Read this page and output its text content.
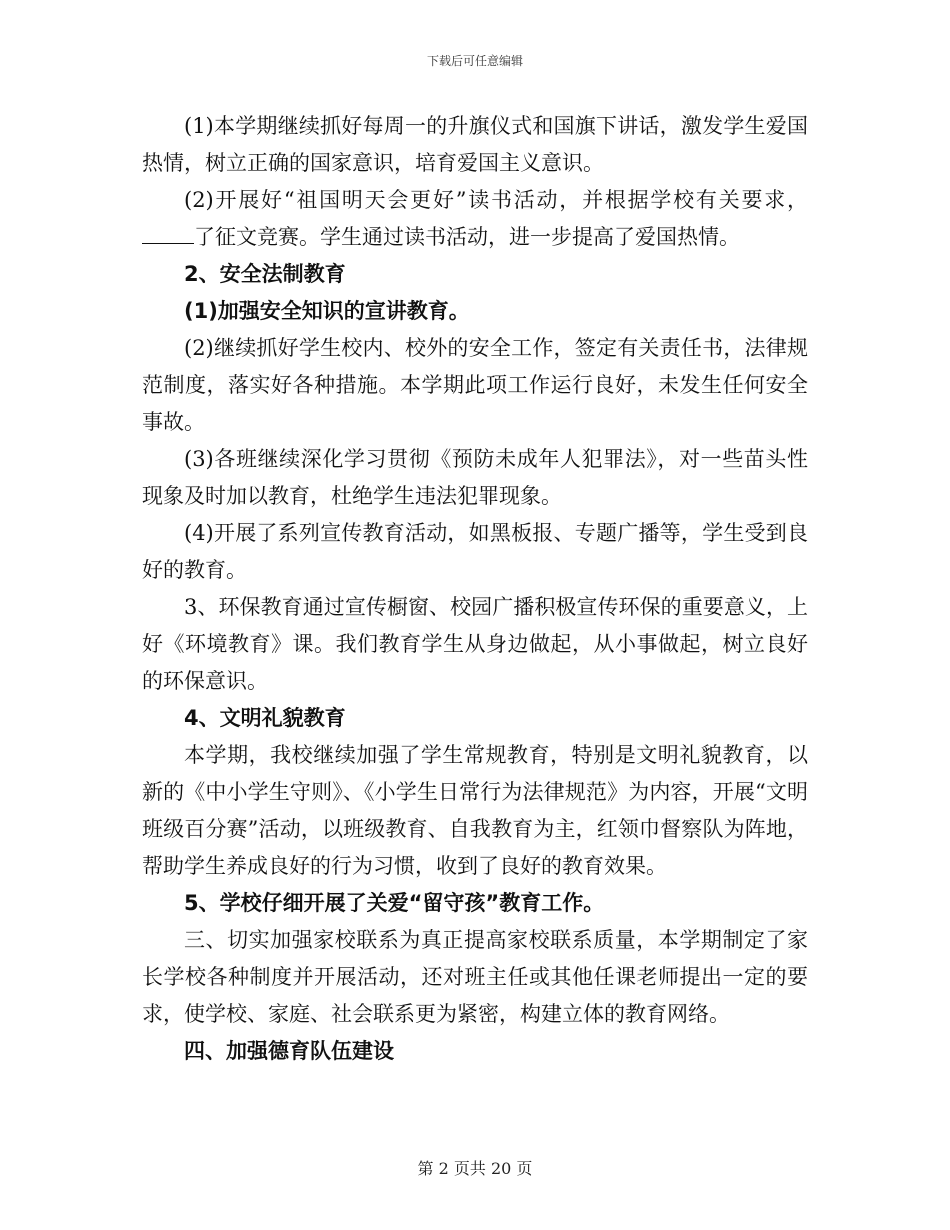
下载后可任意编辑

(1)本学期继续抓好每周一的升旗仪式和国旗下讲话，激发学生爱国热情，树立正确的国家意识，培育爱国主义意识。

(2)开展好“祖国明天会更好”读书活动，并根据学校有关要求，了征文竞赛。学生通过读书活动，进一步提高了爱国热情。

2、安全法制教育

(1)加强安全知识的宣讲教育。

(2)继续抓好学生校内、校外的安全工作，签定有关责任书，法律规范制度，落实好各种措施。本学期此项工作运行良好，未发生任何安全事故。

(3)各班继续深化学习贯彻《预防未成年人犯罪法》，对一些苗头性现象及时加以教育，杜绝学生违法犯罪现象。

(4)开展了系列宣传教育活动，如黑板报、专题广播等，学生受到良好的教育。

3、环保教育通过宣传橱窗、校园广播积极宣传环保的重要意义，上好《环境教育》课。我们教育学生从身边做起，从小事做起，树立良好的环保意识。

4、文明礼貌教育

本学期，我校继续加强了学生常规教育，特别是文明礼貌教育，以新的《中小学生守则》、《小学生日常行为法律规范》为内容，开展“文明班级百分赛”活动，以班级教育、自我教育为主，红领巾督察队为阵地，帮助学生养成良好的行为习惯，收到了良好的教育效果。

5、学校仔细开展了关爱“留守孩”教育工作。

三、切实加强家校联系为真正提高家校联系质量，本学期制定了家长学校各种制度并开展活动，还对班主任或其他任课老师提出一定的要求，使学校、家庭、社会联系更为紧密，构建立体的教育网络。

四、加强德育队伍建设

第 2 页共 20 页
